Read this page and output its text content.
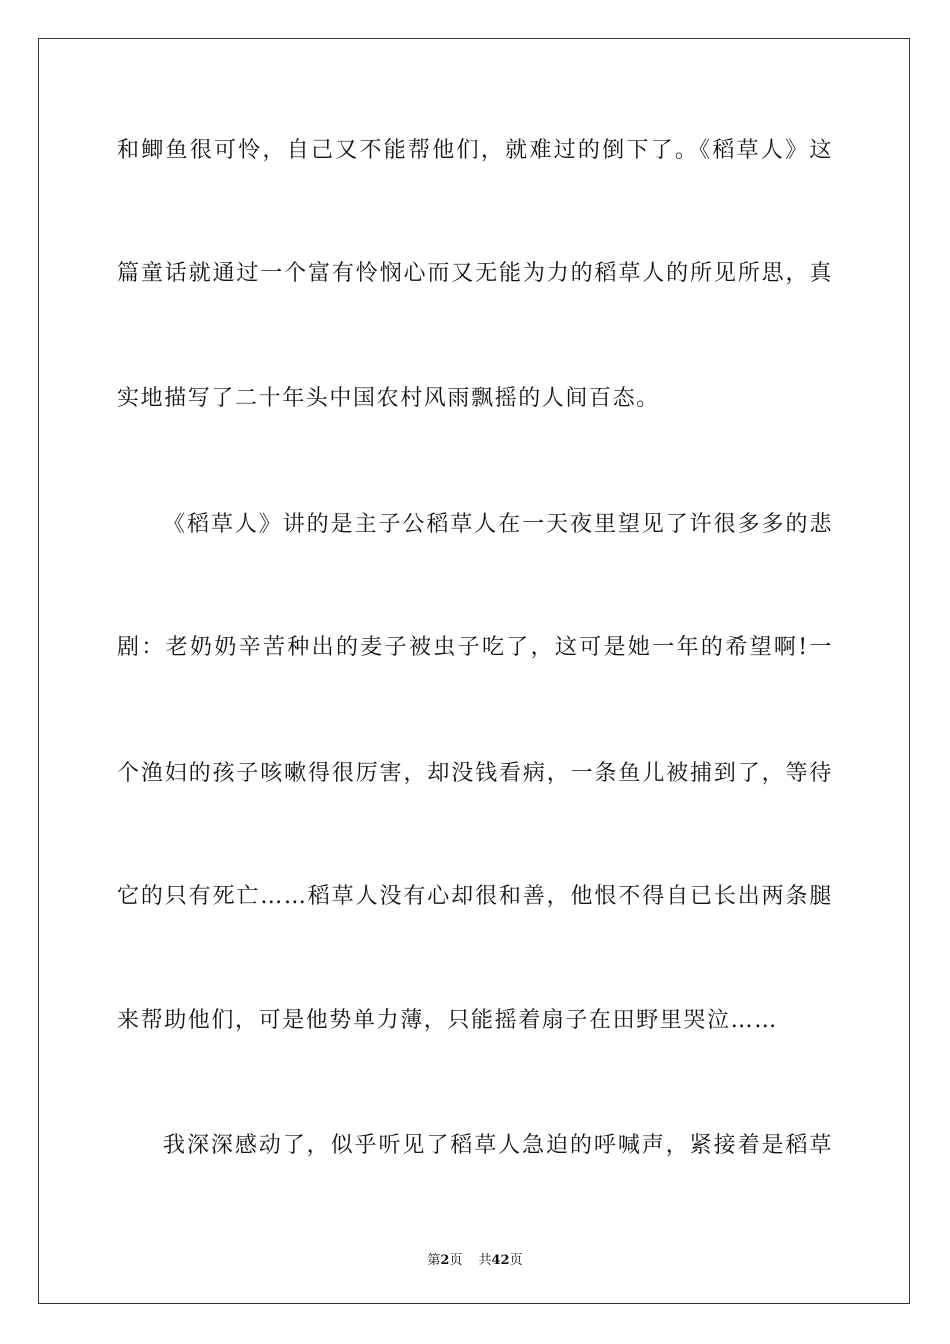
和鲫鱼很可怜，自己又不能帮他们，就难过的倒下了。《稻草人》这
篇童话就通过一个富有怜悯心而又无能为力的稻草人的所见所思，真
实地描写了二十年头中国农村风雨飘摇的人间百态。
《稻草人》讲的是主子公稻草人在一天夜里望见了许很多多的悲
剧：老奶奶辛苦种出的麦子被虫子吃了，这可是她一年的希望啊!一
个渔妇的孩子咳嗽得很厉害，却没钱看病，一条鱼儿被捕到了，等待
它的只有死亡……稻草人没有心却很和善，他恨不得自已长出两条腿
来帮助他们，可是他势单力薄，只能摇着扇子在田野里哭泣……
我深深感动了，似乎听见了稻草人急迫的呼喊声，紧接着是稻草
第2页 共42页
